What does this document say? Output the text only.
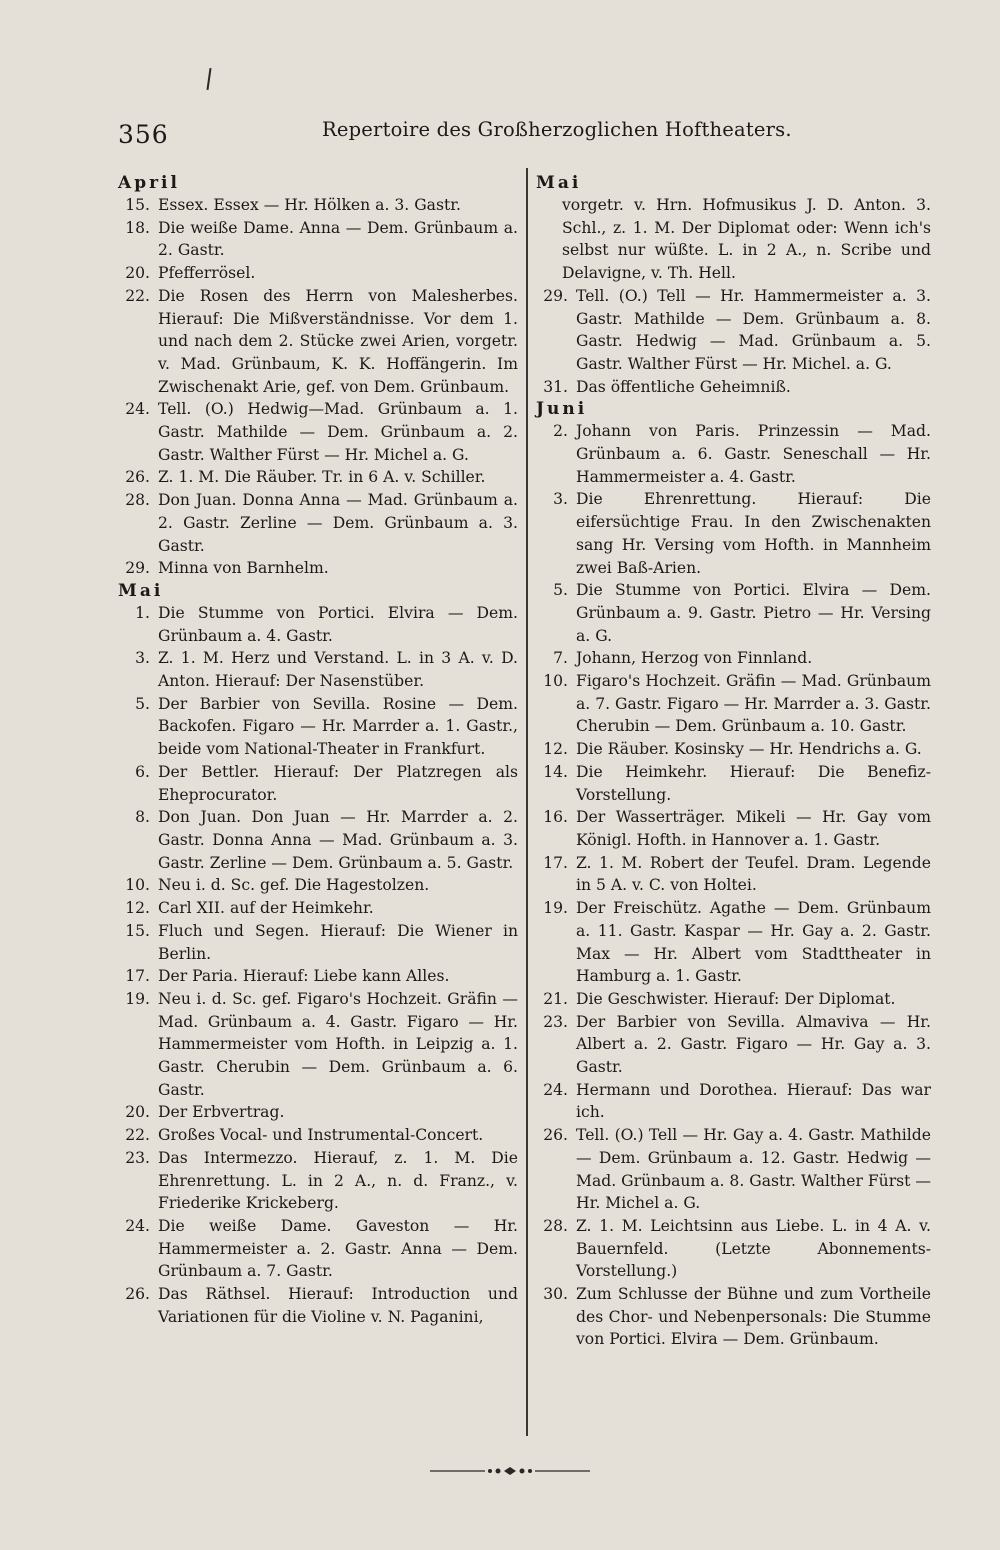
356	Repertoire des Großherzoglichen Hoftheaters.
April
15. Essex. Essex — Hr. Hölken a. 3. Gastr.
18. Die weiße Dame. Anna — Dem. Grünbaum a. 2. Gastr.
20. Pfefferrösel.
22. Die Rosen des Herrn von Malesherbes. Hierauf: Die Mißverständnisse. Vor dem 1. und nach dem 2. Stücke zwei Arien, vorgetr. v. Mad. Grünbaum, K. K. Hoffängerin. Im Zwischenakt Arie, gef. von Dem. Grünbaum.
24. Tell. (O.) Hedwig—Mad. Grünbaum a. 1. Gastr. Mathilde — Dem. Grünbaum a. 2. Gastr. Walther Fürst — Hr. Michel a. G.
26. Z. 1. M. Die Räuber. Tr. in 6 A. v. Schiller.
28. Don Juan. Donna Anna — Mad. Grünbaum a. 2. Gastr. Zerline — Dem. Grünbaum a. 3. Gastr.
29. Minna von Barnhelm.
Mai
1. Die Stumme von Portici. Elvira — Dem. Grünbaum a. 4. Gastr.
3. Z. 1. M. Herz und Verstand. L. in 3 A. v. D. Anton. Hierauf: Der Nasenstüber.
5. Der Barbier von Sevilla. Rosine — Dem. Backofen. Figaro — Hr. Marrder a. 1. Gastr., beide vom National-Theater in Frankfurt.
6. Der Bettler. Hierauf: Der Platzregen als Eheprocurator.
8. Don Juan. Don Juan — Hr. Marrder a. 2. Gastr. Donna Anna — Mad. Grünbaum a. 3. Gastr. Zerline — Dem. Grünbaum a. 5. Gastr.
10. Neu i. d. Sc. gef. Die Hagestolzen.
12. Carl XII. auf der Heimkehr.
15. Fluch und Segen. Hierauf: Die Wiener in Berlin.
17. Der Paria. Hierauf: Liebe kann Alles.
19. Neu i. d. Sc. gef. Figaro's Hochzeit. Gräfin — Mad. Grünbaum a. 4. Gastr. Figaro — Hr. Hammermeister vom Hofth. in Leipzig a. 1. Gastr. Cherubin — Dem. Grünbaum a. 6. Gastr.
20. Der Erbvertrag.
22. Großes Vocal- und Instrumental-Concert.
23. Das Intermezzo. Hierauf, z. 1. M. Die Ehrenrettung. L. in 2 A., n. d. Franz., v. Friederike Krickeberg.
24. Die weiße Dame. Gaveston — Hr. Hammermeister a. 2. Gastr. Anna — Dem. Grünbaum a. 7. Gastr.
26. Das Räthsel. Hierauf: Introduction und Variationen für die Violine v. N. Paganini,
Mai
vorgetr. v. Hrn. Hofmusikus J. D. Anton. 3. Schl., z. 1. M. Der Diplomat oder: Wenn ich's selbst nur wüßte. L. in 2 A., n. Scribe und Delavigne, v. Th. Hell.
29. Tell. (O.) Tell — Hr. Hammermeister a. 3. Gastr. Mathilde — Dem. Grünbaum a. 8. Gastr. Hedwig — Mad. Grünbaum a. 5. Gastr. Walther Fürst — Hr. Michel. a. G.
31. Das öffentliche Geheimniß.
Juni
2. Johann von Paris. Prinzessin — Mad. Grünbaum a. 6. Gastr. Seneschall — Hr. Hammermeister a. 4. Gastr.
3. Die Ehrenrettung. Hierauf: Die eifersüchtige Frau. In den Zwischenakten sang Hr. Versing vom Hofth. in Mannheim zwei Baß-Arien.
5. Die Stumme von Portici. Elvira — Dem. Grünbaum a. 9. Gastr. Pietro — Hr. Versing a. G.
7. Johann, Herzog von Finnland.
10. Figaro's Hochzeit. Gräfin — Mad. Grünbaum a. 7. Gastr. Figaro — Hr. Marrder a. 3. Gastr. Cherubin — Dem. Grünbaum a. 10. Gastr.
12. Die Räuber. Kosinsky — Hr. Hendrichs a. G.
14. Die Heimkehr. Hierauf: Die Benefiz-Vorstellung.
16. Der Wasserträger. Mikeli — Hr. Gay vom Königl. Hofth. in Hannover a. 1. Gastr.
17. Z. 1. M. Robert der Teufel. Dram. Legende in 5 A. v. C. von Holtei.
19. Der Freischütz. Agathe — Dem. Grünbaum a. 11. Gastr. Kaspar — Hr. Gay a. 2. Gastr. Max — Hr. Albert vom Stadttheater in Hamburg a. 1. Gastr.
21. Die Geschwister. Hierauf: Der Diplomat.
23. Der Barbier von Sevilla. Almaviva — Hr. Albert a. 2. Gastr. Figaro — Hr. Gay a. 3. Gastr.
24. Hermann und Dorothea. Hierauf: Das war ich.
26. Tell. (O.) Tell — Hr. Gay a. 4. Gastr. Mathilde — Dem. Grünbaum a. 12. Gastr. Hedwig — Mad. Grünbaum a. 8. Gastr. Walther Fürst — Hr. Michel a. G.
28. Z. 1. M. Leichtsinn aus Liebe. L. in 4 A. v. Bauernfeld. (Letzte Abonnements-Vorstellung.)
30. Zum Schlusse der Bühne und zum Vortheile des Chor- und Nebenpersonals: Die Stumme von Portici. Elvira — Dem. Grünbaum.
